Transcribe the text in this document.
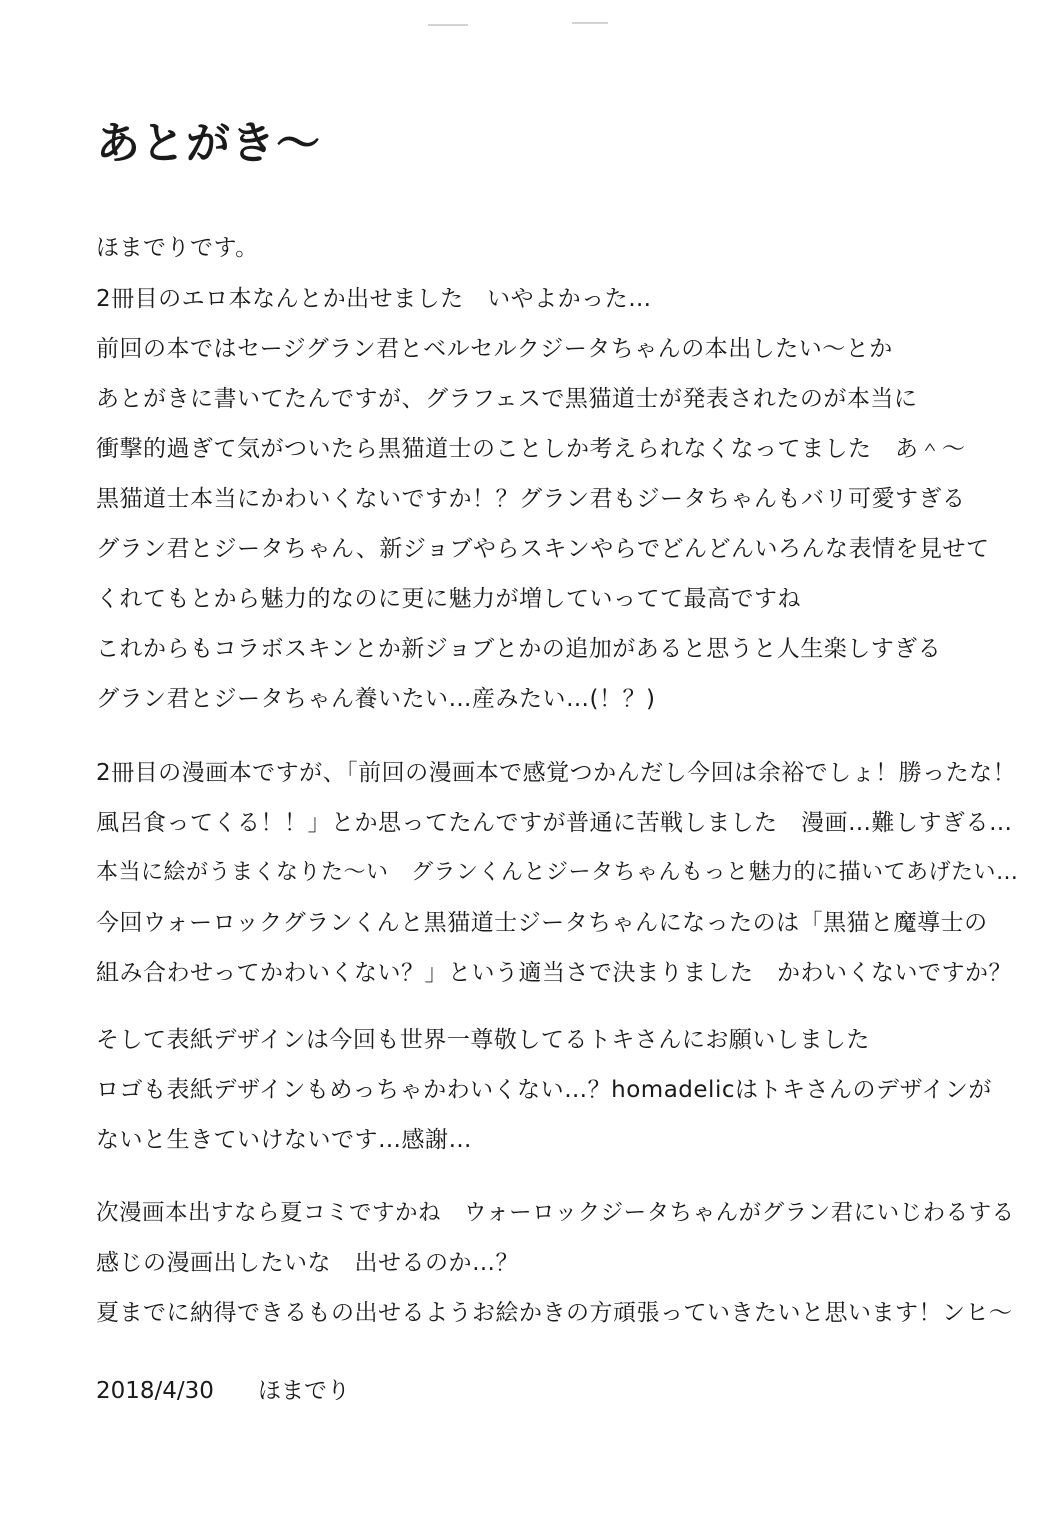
あとがき～
ほまでりです。
2冊目のエロ本なんとか出せました　いやよかった…
前回の本ではセージグラン君とベルセルクジータちゃんの本出したい～とか
あとがきに書いてたんですが、グラフェスで黒猫道士が発表されたのが本当に
衝撃的過ぎて気がついたら黒猫道士のことしか考えられなくなってました　あ＾～
黒猫道士本当にかわいくないですか！？グラン君もジータちゃんもバリ可愛すぎる
グラン君とジータちゃん、新ジョブやらスキンやらでどんどんいろんな表情を見せて
くれてもとから魅力的なのに更に魅力が増していってて最高ですね
これからもコラボスキンとか新ジョブとかの追加があると思うと人生楽しすぎる
グラン君とジータちゃん養いたい…産みたい…(！？)
2冊目の漫画本ですが、「前回の漫画本で感覚つかんだし今回は余裕でしょ！勝ったな！
風呂食ってくる！！」とか思ってたんですが普通に苦戦しました　漫画…難しすぎる…
本当に絵がうまくなりた～い　グランくんとジータちゃんもっと魅力的に描いてあげたい…
今回ウォーロックグランくんと黒猫道士ジータちゃんになったのは「黒猫と魔導士の
組み合わせってかわいくない？」という適当さで決まりました　かわいくないですか？
そして表紙デザインは今回も世界一尊敬してるトキさんにお願いしました
ロゴも表紙デザインもめっちゃかわいくない…？homadelicはトキさんのデザインが
ないと生きていけないです…感謝…
次漫画本出すなら夏コミですかね　ウォーロックジータちゃんがグラン君にいじわるする
感じの漫画出したいな　出せるのか…？
夏までに納得できるもの出せるようお絵かきの方頑張っていきたいと思います！ンヒ～
2018/4/30 ほまでり
